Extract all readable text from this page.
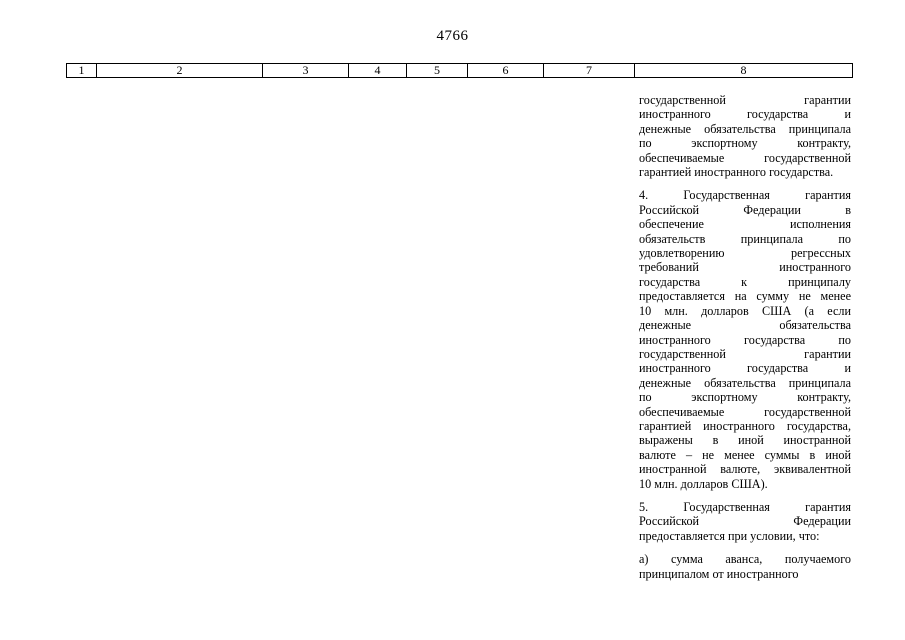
4766
1	2	3	4	5	6	7	8

государственной гарантии
иностранного государства и
денежные обязательства принципала
по экспортному контракту,
обеспечиваемые государственной
гарантией иностранного государства.

4. Государственная гарантия
Российской Федерации в
обеспечение исполнения
обязательств принципала по
удовлетворению регрессных
требований иностранного
государства к принципалу
предоставляется на сумму не менее
10 млн. долларов США (а если
денежные обязательства
иностранного государства по
государственной гарантии
иностранного государства и
денежные обязательства принципала
по экспортному контракту,
обеспечиваемые государственной
гарантией иностранного государства,
выражены в иной иностранной
валюте – не менее суммы в иной
иностранной валюте, эквивалентной
10 млн. долларов США).

5. Государственная гарантия
Российской Федерации
предоставляется при условии, что:

а) сумма аванса, получаемого
принципалом от иностранного
